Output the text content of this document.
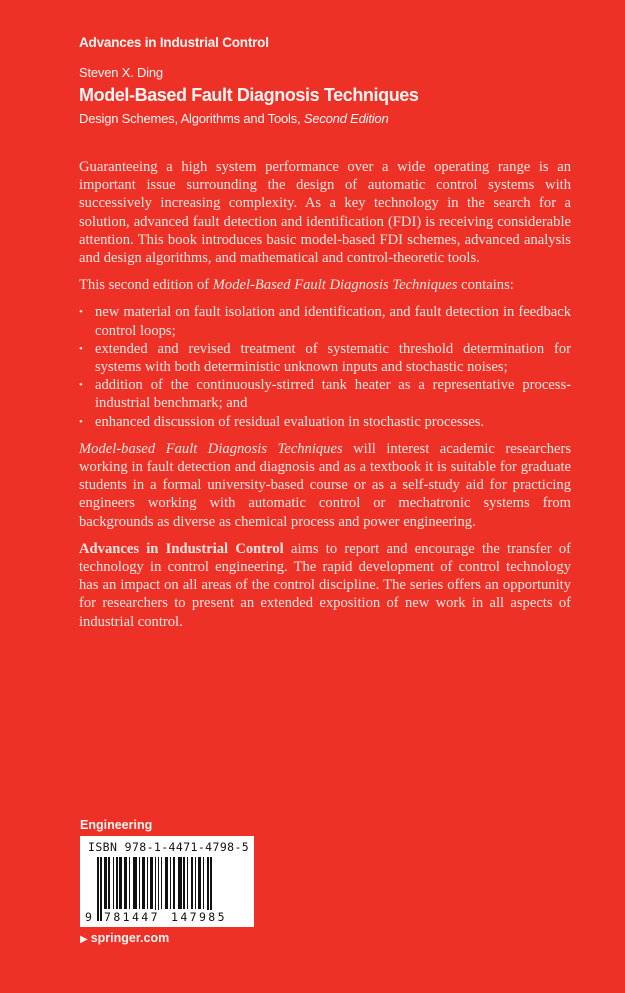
Advances in Industrial Control
Steven X. Ding
Model-Based Fault Diagnosis Techniques
Design Schemes, Algorithms and Tools, Second Edition

Guaranteeing a high system performance over a wide operating range is an important issue surrounding the design of automatic control systems with successively increasing complexity. As a key technology in the search for a solution, advanced fault detection and identification (FDI) is receiving considerable attention. This book introduces basic model-based FDI schemes, advanced analysis and design algorithms, and mathematical and control-theoretic tools.

This second edition of Model-Based Fault Diagnosis Techniques contains:

• new material on fault isolation and identification, and fault detection in feedback control loops;
• extended and revised treatment of systematic threshold determination for systems with both deterministic unknown inputs and stochastic noises;
• addition of the continuously-stirred tank heater as a representative process-industrial benchmark; and
• enhanced discussion of residual evaluation in stochastic processes.

Model-based Fault Diagnosis Techniques will interest academic researchers working in fault detection and diagnosis and as a textbook it is suitable for graduate students in a formal university-based course or as a self-study aid for practicing engineers working with automatic control or mechatronic systems from backgrounds as diverse as chemical process and power engineering.

Advances in Industrial Control aims to report and encourage the transfer of technology in control engineering. The rapid development of control technology has an impact on all areas of the control discipline. The series offers an opportunity for researchers to present an extended exposition of new work in all aspects of industrial control.

Engineering
ISBN 978-1-4471-4798-5
9 781447 147985
▶ springer.com
